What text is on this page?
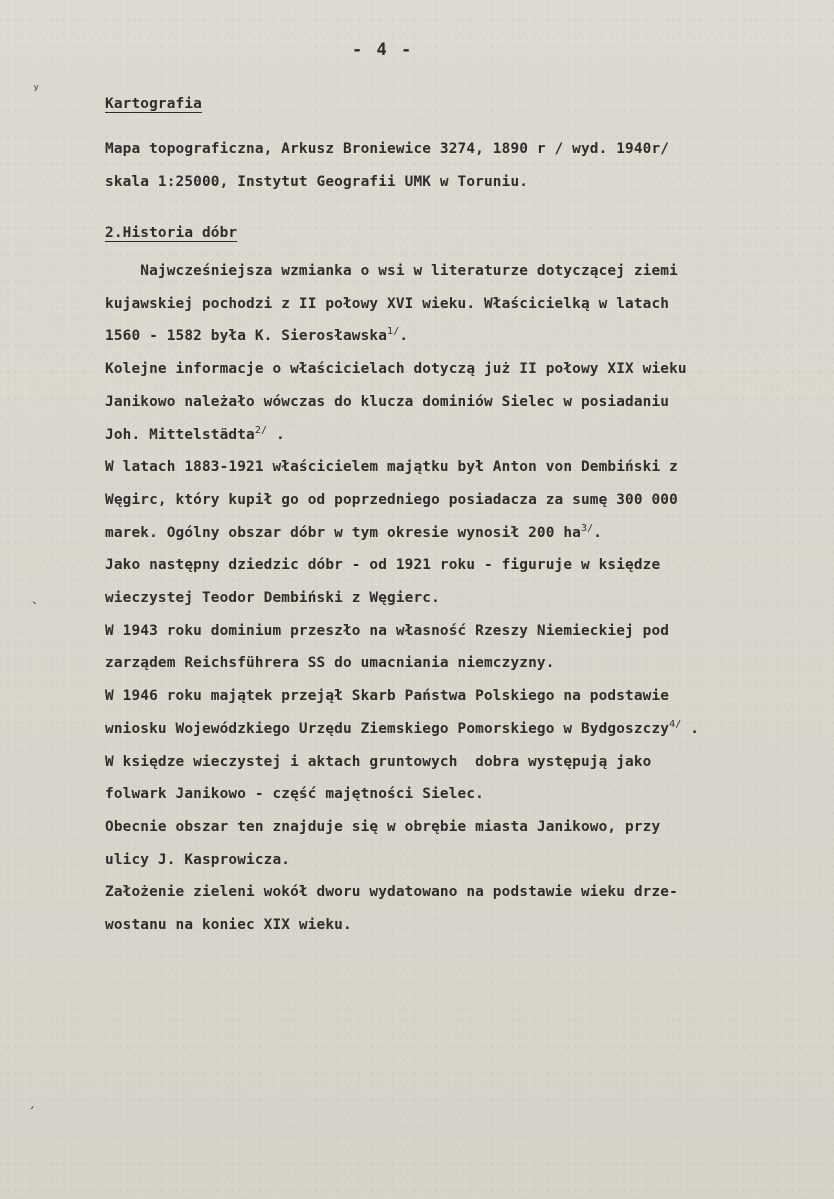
- 4 -
ʸ
ˎ
ˏ
Kartografia
Mapa topograficzna, Arkusz Broniewice 3274, 1890 r / wyd. 1940r/
skala 1:25000, Instytut Geografii UMK w Toruniu.
2.Historia dóbr
Najwcześniejsza wzmianka o wsi w literaturze dotyczącej ziemi
kujawskiej pochodzi z II połowy XVI wieku. Właścicielką w latach
1560 - 1582 była K. Sierosławska$^{1/}$.
Kolejne informacje o właścicielach dotyczą już II połowy XIX wieku
Janikowo należało wówczas do klucza dominiów Sielec w posiadaniu
Joh. Mittelstädta$^{2/}$ .
W latach 1883-1921 właścicielem majątku był Anton von Dembiński z
Węgirc, który kupił go od poprzedniego posiadacza za sumę 300 000
marek. Ogólny obszar dóbr w tym okresie wynosił 200 $ha^{3/}$.
Jako następny dziedzic dóbr - od 1921 roku - figuruje w księdze
wieczystej Teodor Dembiński z Węgierc.
W 1943 roku dominium przeszło na własność Rzeszy Niemieckiej pod
zarządem Reichsführera SS do umacniania niemczyzny.
W 1946 roku majątek przejął Skarb Państwa Polskiego na podstawie
wniosku Wojewódzkiego Urzędu Ziemskiego Pomorskiego w Bydgoszczy$^{4/}$ .
W księdze wieczystej i aktach gruntowych  dobra występują jako
folwark Janikowo - część majętności Sielec.
Obecnie obszar ten znajduje się w obrębie miasta Janikowo, przy
ulicy J. Kasprowicza.
Założenie zieleni wokół dworu wydatowano na podstawie wieku drze-
wostanu na koniec XIX wieku.
